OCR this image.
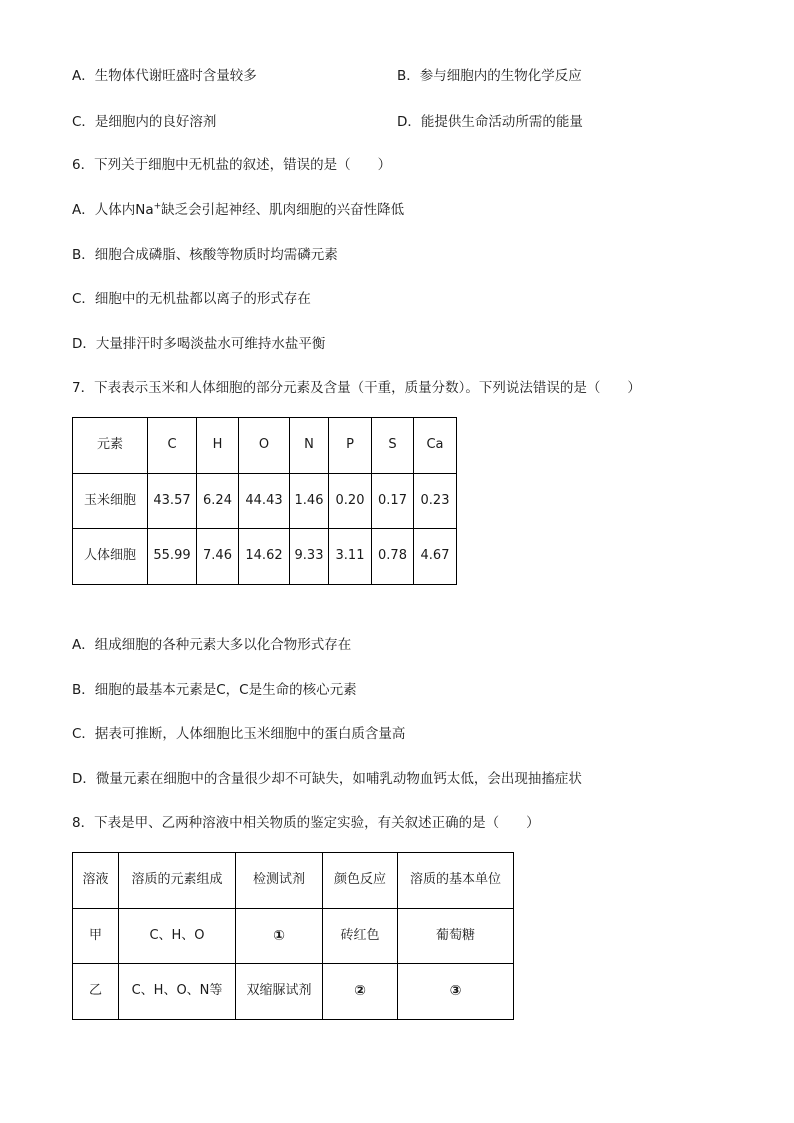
A．生物体代谢旺盛时含量较多	B．参与细胞内的生物化学反应
C．是细胞内的良好溶剂	D．能提供生命活动所需的能量
6．下列关于细胞中无机盐的叙述，错误的是（　　）
A．人体内Na+缺乏会引起神经、肌肉细胞的兴奋性降低
B．细胞合成磷脂、核酸等物质时均需磷元素
C．细胞中的无机盐都以离子的形式存在
D．大量排汗时多喝淡盐水可维持水盐平衡
7．下表表示玉米和人体细胞的部分元素及含量（干重，质量分数）。下列说法错误的是（　　）
元素	C	H	O	N	P	S	Ca
玉米细胞	43.57	6.24	44.43	1.46	0.20	0.17	0.23
人体细胞	55.99	7.46	14.62	9.33	3.11	0.78	4.67
A．组成细胞的各种元素大多以化合物形式存在
B．细胞的最基本元素是C，C是生命的核心元素
C．据表可推断，人体细胞比玉米细胞中的蛋白质含量高
D．微量元素在细胞中的含量很少却不可缺失，如哺乳动物血钙太低，会出现抽搐症状
8．下表是甲、乙两种溶液中相关物质的鉴定实验，有关叙述正确的是（　　）
溶液	溶质的元素组成	检测试剂	颜色反应	溶质的基本单位
甲	C、H、O	①	砖红色	葡萄糖
乙	C、H、O、N等	双缩脲试剂	②	③
